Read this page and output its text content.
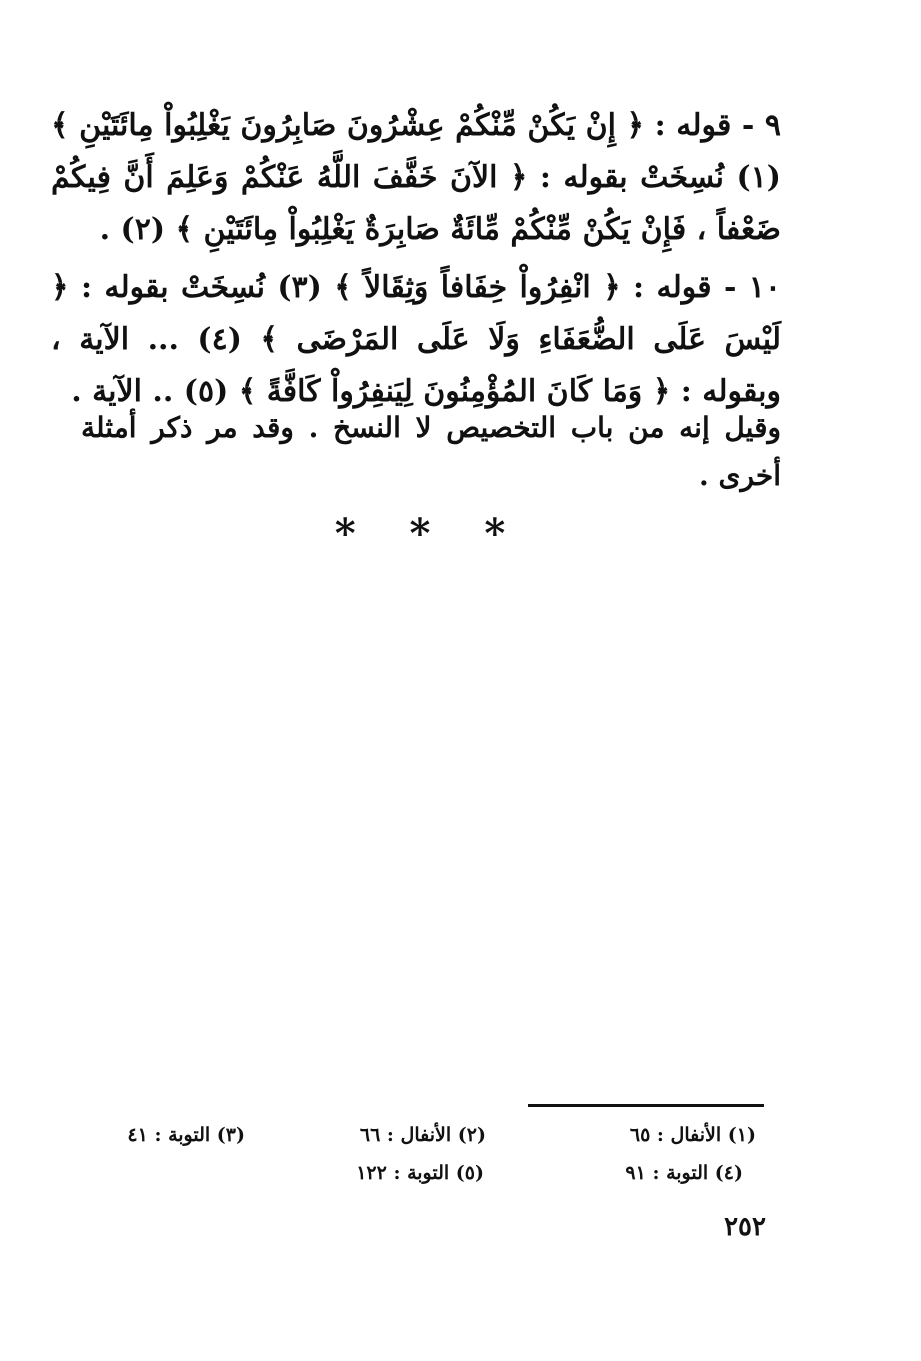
٩ - قوله : ﴿ إِنْ يَكُنْ مِّنْكُمْ عِشْرُونَ صَابِرُونَ يَغْلِبُواْ مِائَتَيْنِ ﴾ (١) نُسِخَتْ بقوله : ﴿ الآنَ خَفَّفَ اللَّهُ عَنْكُمْ وَعَلِمَ أَنَّ فِيكُمْ ضَعْفاً ، فَإِنْ يَكُنْ مِّنْكُمْ مِّائَةٌ صَابِرَةٌ يَغْلِبُواْ مِائَتَيْنِ ﴾ (٢) .

١٠ - قوله : ﴿ انْفِرُواْ خِفَافاً وَثِقَالاً ﴾ (٣) نُسِخَتْ بقوله : ﴿ لَيْسَ عَلَى الضُّعَفَاءِ وَلَا عَلَى المَرْضَى ﴾ (٤) ... الآية ، وبقوله : ﴿ وَمَا كَانَ المُؤْمِنُونَ لِيَنفِرُواْ كَافَّةً ﴾ (٥) .. الآية .

وقيل إنه من باب التخصيص لا النسخ . وقد مر ذكر أمثلة أخرى .

* * *

(١) الأنفال : ٦٥
(٢) الأنفال : ٦٦
(٣) التوبة : ٤١
(٤) التوبة : ٩١
(٥) التوبة : ١٢٢
٢٥٢
